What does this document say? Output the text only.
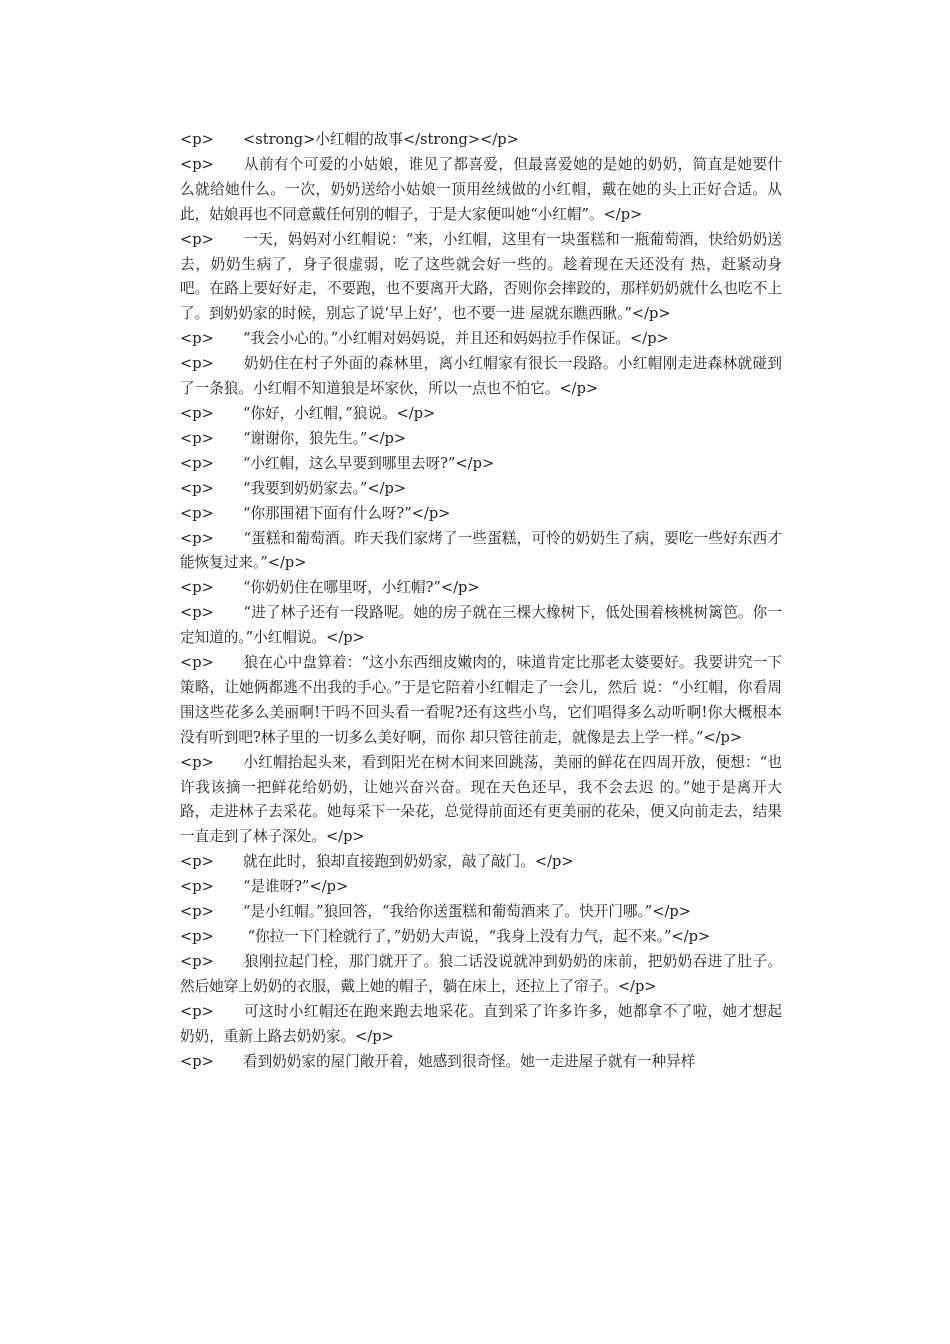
<p>　　<strong>小红帽的故事</strong></p>

<p>　　从前有个可爱的小姑娘，谁见了都喜爱，但最喜爱她的是她的奶奶，简直是她要什么就给她什么。一次，奶奶送给小姑娘一顶用丝绒做的小红帽，戴在她的头上正好合适。从此，姑娘再也不同意戴任何别的帽子，于是大家便叫她“小红帽”。</p>

<p>　　一天，妈妈对小红帽说：“来，小红帽，这里有一块蛋糕和一瓶葡萄酒，快给奶奶送去，奶奶生病了，身子很虚弱，吃了这些就会好一些的。趁着现在天还没有 热，赶紧动身吧。在路上要好好走，不要跑，也不要离开大路，否则你会摔跤的，那样奶奶就什么也吃不上了。到奶奶家的时候，别忘了说‘早上好’，也不要一进 屋就东瞧西瞅。”</p>

<p>　　“我会小心的。”小红帽对妈妈说，并且还和妈妈拉手作保证。</p>

<p>　　奶奶住在村子外面的森林里，离小红帽家有很长一段路。小红帽刚走进森林就碰到了一条狼。小红帽不知道狼是坏家伙，所以一点也不怕它。</p>

<p>　　“你好，小红帽，”狼说。</p>

<p>　　“谢谢你，狼先生。”</p>

<p>　　“小红帽，这么早要到哪里去呀?”</p>

<p>　　“我要到奶奶家去。”</p>

<p>　　“你那围裙下面有什么呀?”</p>

<p>　　“蛋糕和葡萄酒。昨天我们家烤了一些蛋糕，可怜的奶奶生了病，要吃一些好东西才能恢复过来。”</p>

<p>　　“你奶奶住在哪里呀，小红帽?”</p>

<p>　　“进了林子还有一段路呢。她的房子就在三棵大橡树下，低处围着核桃树篱笆。你一定知道的。”小红帽说。</p>

<p>　　狼在心中盘算着：“这小东西细皮嫩肉的，味道肯定比那老太婆要好。我要讲究一下策略，让她俩都逃不出我的手心。”于是它陪着小红帽走了一会儿，然后 说：“小红帽，你看周围这些花多么美丽啊!干吗不回头看一看呢?还有这些小鸟，它们唱得多么动听啊!你大概根本没有听到吧?林子里的一切多么美好啊，而你 却只管往前走，就像是去上学一样。”</p>

<p>　　小红帽抬起头来，看到阳光在树木间来回跳荡，美丽的鲜花在四周开放，便想：“也许我该摘一把鲜花给奶奶，让她兴奋兴奋。现在天色还早，我不会去迟 的。”她于是离开大路，走进林子去采花。她每采下一朵花，总觉得前面还有更美丽的花朵，便又向前走去，结果一直走到了林子深处。</p>

<p>　　就在此时，狼却直接跑到奶奶家，敲了敲门。</p>

<p>　　“是谁呀?”</p>

<p>　　“是小红帽。”狼回答，“我给你送蛋糕和葡萄酒来了。快开门哪。”</p>

<p>　　 “你拉一下门栓就行了，”奶奶大声说，“我身上没有力气，起不来。”</p>

<p>　　狼刚拉起门栓，那门就开了。狼二话没说就冲到奶奶的床前，把奶奶吞进了肚子。然后她穿上奶奶的衣服，戴上她的帽子，躺在床上，还拉上了帘子。</p>

<p>　　可这时小红帽还在跑来跑去地采花。直到采了许多许多，她都拿不了啦，她才想起奶奶，重新上路去奶奶家。</p>

<p>　　看到奶奶家的屋门敞开着，她感到很奇怪。她一走进屋子就有一种异样
